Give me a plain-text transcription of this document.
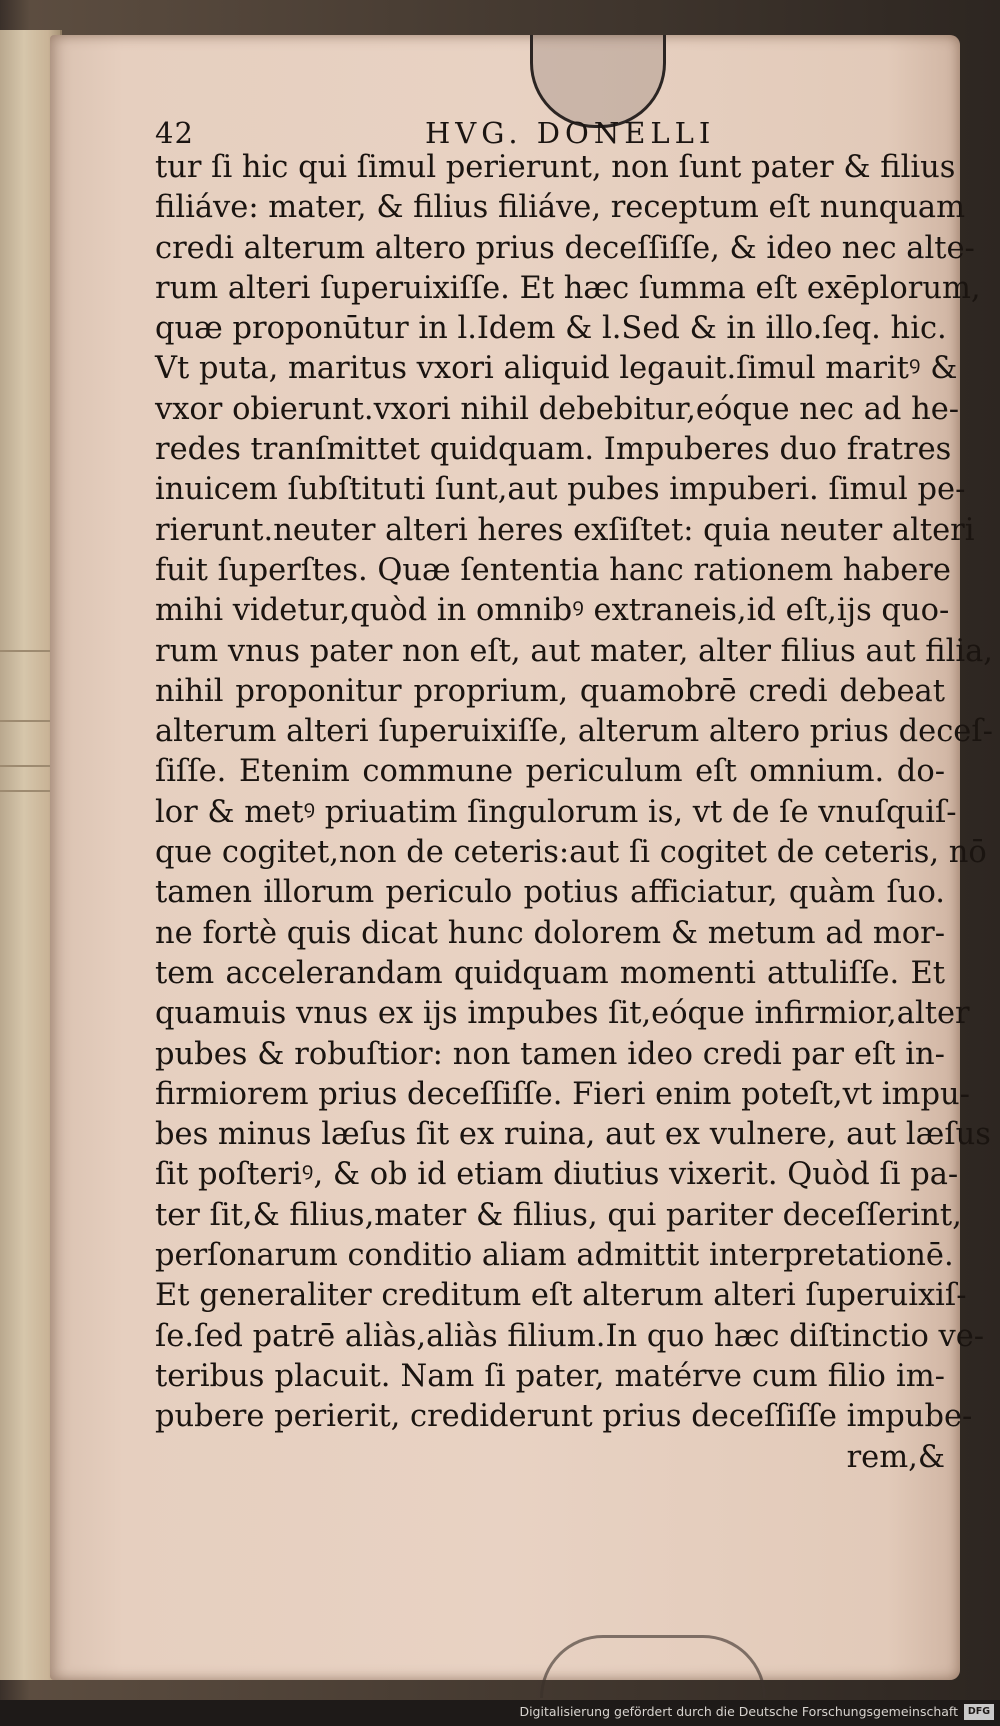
42	HVG. DONELLI
tur ſi hic qui ſimul perierunt, non ſunt pater & filius
filiáve: mater, & filius filiáve, receptum eſt nunquam
credi alterum altero prius deceſſiſſe, & ideo nec alte-
rum alteri ſuperuixiſſe. Et hæc ſumma eſt exēplorum,
quæ proponūtur in l.Idem & l.Sed & in illo.ſeq. hic.
Vt puta, maritus vxori aliquid legauit.ſimul maritꝰ &
vxor obierunt.vxori nihil debebitur,eóque nec ad he-
redes tranſmittet quidquam. Impuberes duo fratres
inuicem ſubſtituti ſunt,aut pubes impuberi. ſimul pe-
rierunt.neuter alteri heres exſiſtet: quia neuter alteri
fuit ſuperſtes. Quæ ſententia hanc rationem habere
mihi videtur,quòd in omnibꝰ extraneis,id eſt,ijs quo-
rum vnus pater non eſt, aut mater, alter filius aut filia,
nihil proponitur proprium, quamobrē credi debeat
alterum alteri ſuperuixiſſe, alterum altero prius deceſ-
ſiſſe. Etenim commune periculum eſt omnium. do-
lor & metꝰ priuatim ſingulorum is, vt de ſe vnuſquiſ-
que cogitet,non de ceteris:aut ſi cogitet de ceteris, nō
tamen illorum periculo potius afficiatur, quàm ſuo.
ne fortè quis dicat hunc dolorem & metum ad mor-
tem accelerandam quidquam momenti attuliſſe. Et
quamuis vnus ex ijs impubes ſit,eóque infirmior,alter
pubes & robuſtior: non tamen ideo credi par eſt in-
firmiorem prius deceſſiſſe. Fieri enim poteſt,vt impu-
bes minus læſus ſit ex ruina, aut ex vulnere, aut læſus
ſit poſteriꝰ, & ob id etiam diutius vixerit. Quòd ſi pa-
ter ſit,& filius,mater & filius, qui pariter deceſſerint,
perſonarum conditio aliam admittit interpretationē.
Et generaliter creditum eſt alterum alteri ſuperuixiſ-
ſe.ſed patrē aliàs,aliàs filium.In quo hæc diſtinctio ve-
teribus placuit. Nam ſi pater, matérve cum filio im-
pubere perierit, crediderunt prius deceſſiſſe impube-
rem,&
Digitalisierung gefördert durch die Deutsche Forschungsgemeinschaft	DFG
